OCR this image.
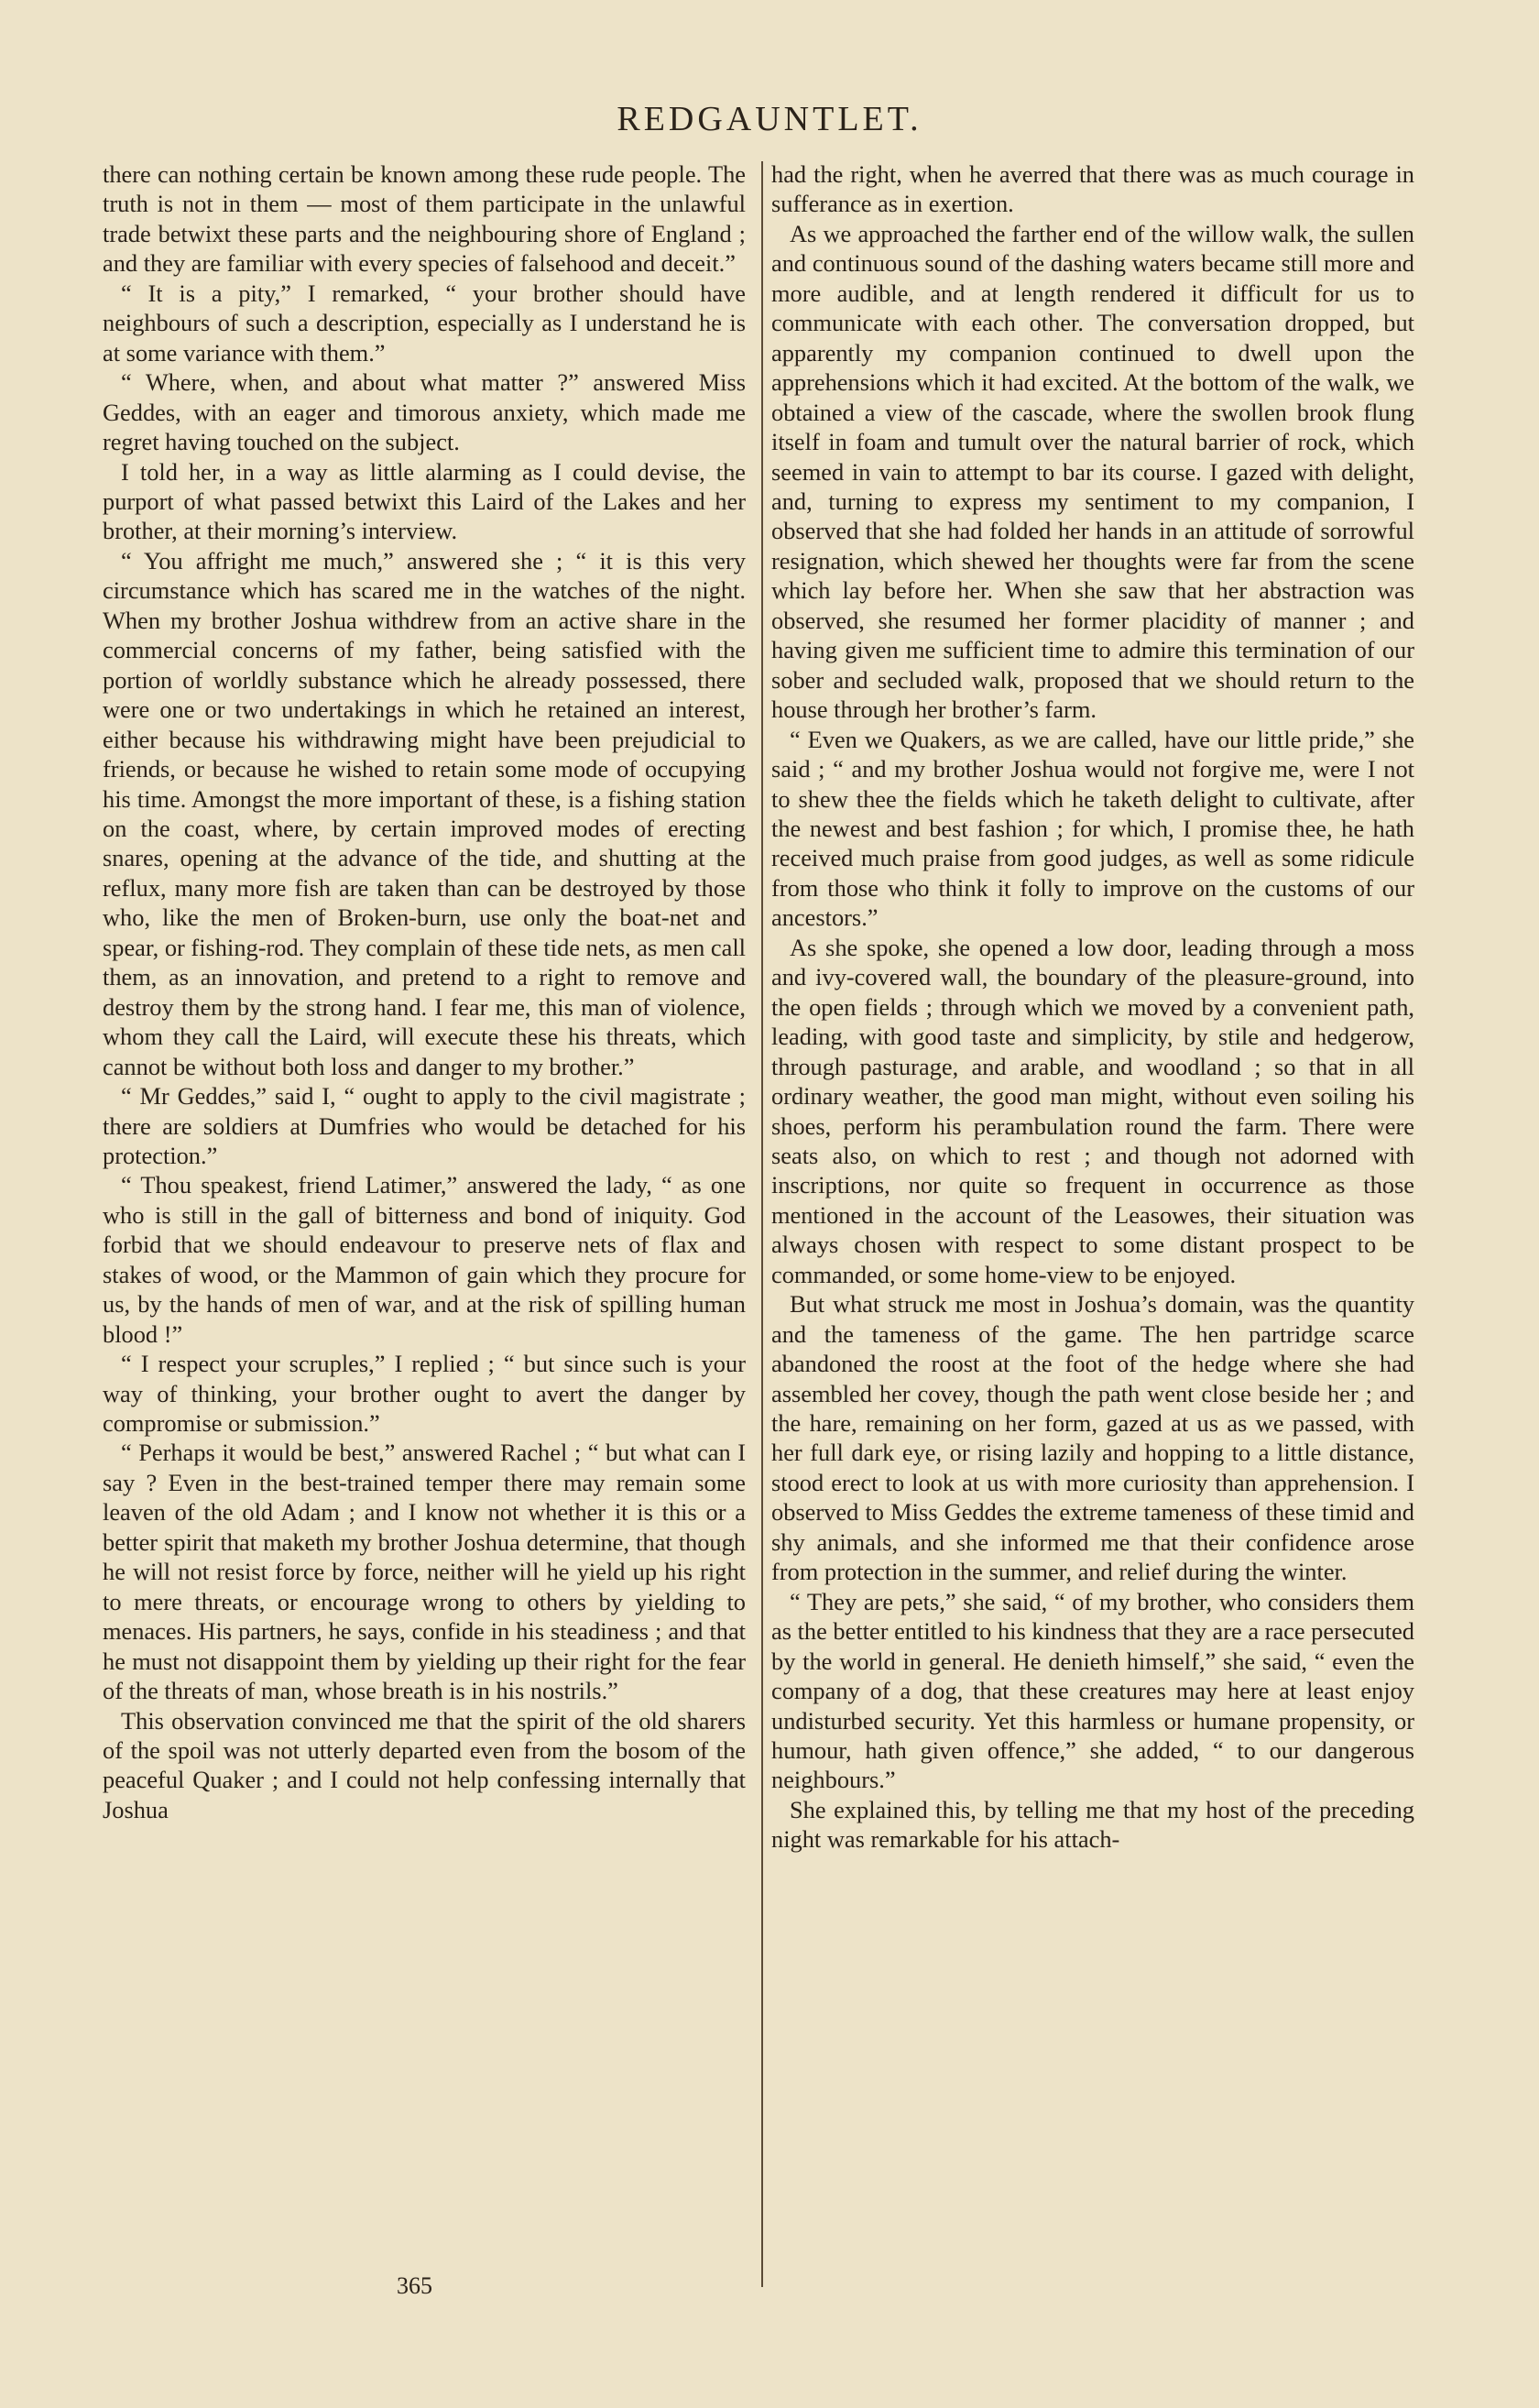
REDGAUNTLET.

there can nothing certain be known among these rude people. The truth is not in them — most of them participate in the unlawful trade betwixt these parts and the neighbouring shore of England ; and they are familiar with every species of falsehood and deceit.”

“ It is a pity,” I remarked, “ your brother should have neighbours of such a description, especially as I understand he is at some variance with them.”

“ Where, when, and about what matter ?” answered Miss Geddes, with an eager and timorous anxiety, which made me regret having touched on the subject.

I told her, in a way as little alarming as I could devise, the purport of what passed betwixt this Laird of the Lakes and her brother, at their morning’s interview.

“ You affright me much,” answered she ; “ it is this very circumstance which has scared me in the watches of the night. When my brother Joshua withdrew from an active share in the commercial concerns of my father, being satisfied with the portion of worldly substance which he already possessed, there were one or two undertakings in which he retained an interest, either because his withdrawing might have been prejudicial to friends, or because he wished to retain some mode of occupying his time. Amongst the more important of these, is a fishing station on the coast, where, by certain improved modes of erecting snares, opening at the advance of the tide, and shutting at the reflux, many more fish are taken than can be destroyed by those who, like the men of Broken-burn, use only the boat-net and spear, or fishing-rod. They complain of these tide nets, as men call them, as an innovation, and pretend to a right to remove and destroy them by the strong hand. I fear me, this man of violence, whom they call the Laird, will execute these his threats, which cannot be without both loss and danger to my brother.”

“ Mr Geddes,” said I, “ ought to apply to the civil magistrate ; there are soldiers at Dumfries who would be detached for his protection.”

“ Thou speakest, friend Latimer,” answered the lady, “ as one who is still in the gall of bitterness and bond of iniquity. God forbid that we should endeavour to preserve nets of flax and stakes of wood, or the Mammon of gain which they procure for us, by the hands of men of war, and at the risk of spilling human blood !”

“ I respect your scruples,” I replied ; “ but since such is your way of thinking, your brother ought to avert the danger by compromise or submission.”

“ Perhaps it would be best,” answered Rachel ; “ but what can I say ? Even in the best-trained temper there may remain some leaven of the old Adam ; and I know not whether it is this or a better spirit that maketh my brother Joshua determine, that though he will not resist force by force, neither will he yield up his right to mere threats, or encourage wrong to others by yielding to menaces. His partners, he says, confide in his steadiness ; and that he must not disappoint them by yielding up their right for the fear of the threats of man, whose breath is in his nostrils.”

This observation convinced me that the spirit of the old sharers of the spoil was not utterly departed even from the bosom of the peaceful Quaker ; and I could not help confessing internally that Joshua

had the right, when he averred that there was as much courage in sufferance as in exertion.

As we approached the farther end of the willow walk, the sullen and continuous sound of the dashing waters became still more and more audible, and at length rendered it difficult for us to communicate with each other. The conversation dropped, but apparently my companion continued to dwell upon the apprehensions which it had excited. At the bottom of the walk, we obtained a view of the cascade, where the swollen brook flung itself in foam and tumult over the natural barrier of rock, which seemed in vain to attempt to bar its course. I gazed with delight, and, turning to express my sentiment to my companion, I observed that she had folded her hands in an attitude of sorrowful resignation, which shewed her thoughts were far from the scene which lay before her. When she saw that her abstraction was observed, she resumed her former placidity of manner ; and having given me sufficient time to admire this termination of our sober and secluded walk, proposed that we should return to the house through her brother’s farm.

“ Even we Quakers, as we are called, have our little pride,” she said ; “ and my brother Joshua would not forgive me, were I not to shew thee the fields which he taketh delight to cultivate, after the newest and best fashion ; for which, I promise thee, he hath received much praise from good judges, as well as some ridicule from those who think it folly to improve on the customs of our ancestors.”

As she spoke, she opened a low door, leading through a moss and ivy-covered wall, the boundary of the pleasure-ground, into the open fields ; through which we moved by a convenient path, leading, with good taste and simplicity, by stile and hedgerow, through pasturage, and arable, and woodland ; so that in all ordinary weather, the good man might, without even soiling his shoes, perform his perambulation round the farm. There were seats also, on which to rest ; and though not adorned with inscriptions, nor quite so frequent in occurrence as those mentioned in the account of the Leasowes, their situation was always chosen with respect to some distant prospect to be commanded, or some home-view to be enjoyed.

But what struck me most in Joshua’s domain, was the quantity and the tameness of the game. The hen partridge scarce abandoned the roost at the foot of the hedge where she had assembled her covey, though the path went close beside her ; and the hare, remaining on her form, gazed at us as we passed, with her full dark eye, or rising lazily and hopping to a little distance, stood erect to look at us with more curiosity than apprehension. I observed to Miss Geddes the extreme tameness of these timid and shy animals, and she informed me that their confidence arose from protection in the summer, and relief during the winter.

“ They are pets,” she said, “ of my brother, who considers them as the better entitled to his kindness that they are a race persecuted by the world in general. He denieth himself,” she said, “ even the company of a dog, that these creatures may here at least enjoy undisturbed security. Yet this harmless or humane propensity, or humour, hath given offence,” she added, “ to our dangerous neighbours.”

She explained this, by telling me that my host of the preceding night was remarkable for his attach-

365
